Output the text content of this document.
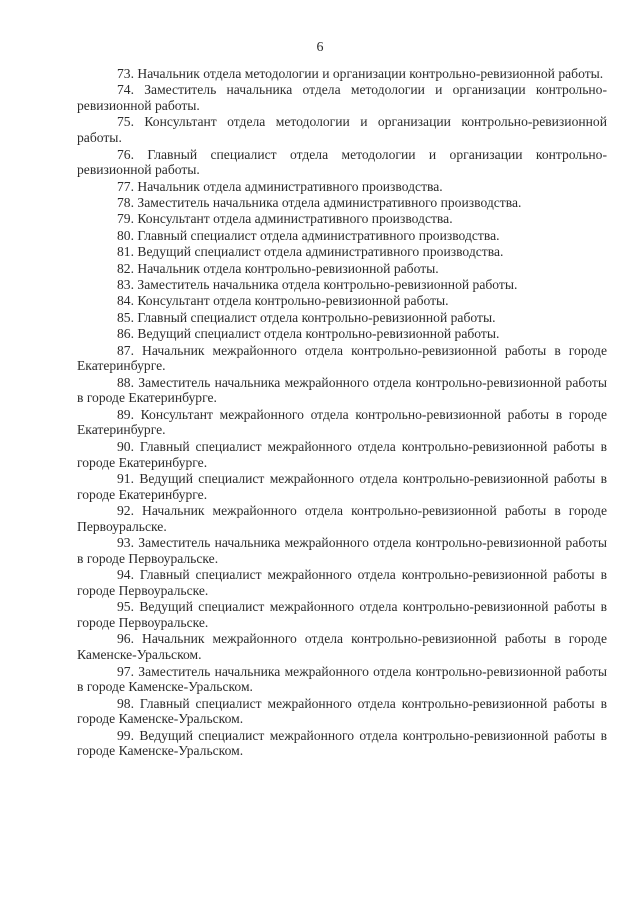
6

73. Начальник отдела методологии и организации контрольно-ревизионной работы.

74. Заместитель начальника отдела методологии и организации контрольно-ревизионной работы.

75. Консультант отдела методологии и организации контрольно-ревизионной работы.

76. Главный специалист отдела методологии и организации контрольно-ревизионной работы.

77. Начальник отдела административного производства.

78. Заместитель начальника отдела административного производства.

79. Консультант отдела административного производства.

80. Главный специалист отдела административного производства.

81. Ведущий специалист отдела административного производства.

82. Начальник отдела контрольно-ревизионной работы.

83. Заместитель начальника отдела контрольно-ревизионной работы.

84. Консультант отдела контрольно-ревизионной работы.

85. Главный специалист отдела контрольно-ревизионной работы.

86. Ведущий специалист отдела контрольно-ревизионной работы.

87. Начальник межрайонного отдела контрольно-ревизионной работы в городе Екатеринбурге.

88. Заместитель начальника межрайонного отдела контрольно-ревизионной работы в городе Екатеринбурге.

89. Консультант межрайонного отдела контрольно-ревизионной работы в городе Екатеринбурге.

90. Главный специалист межрайонного отдела контрольно-ревизионной работы в городе Екатеринбурге.

91. Ведущий специалист межрайонного отдела контрольно-ревизионной работы в городе Екатеринбурге.

92. Начальник межрайонного отдела контрольно-ревизионной работы в городе Первоуральске.

93. Заместитель начальника межрайонного отдела контрольно-ревизионной работы в городе Первоуральске.

94. Главный специалист межрайонного отдела контрольно-ревизионной работы в городе Первоуральске.

95. Ведущий специалист межрайонного отдела контрольно-ревизионной работы в городе Первоуральске.

96. Начальник межрайонного отдела контрольно-ревизионной работы в городе Каменске-Уральском.

97. Заместитель начальника межрайонного отдела контрольно-ревизионной работы в городе Каменске-Уральском.

98. Главный специалист межрайонного отдела контрольно-ревизионной работы в городе Каменске-Уральском.

99. Ведущий специалист межрайонного отдела контрольно-ревизионной работы в городе Каменске-Уральском.
